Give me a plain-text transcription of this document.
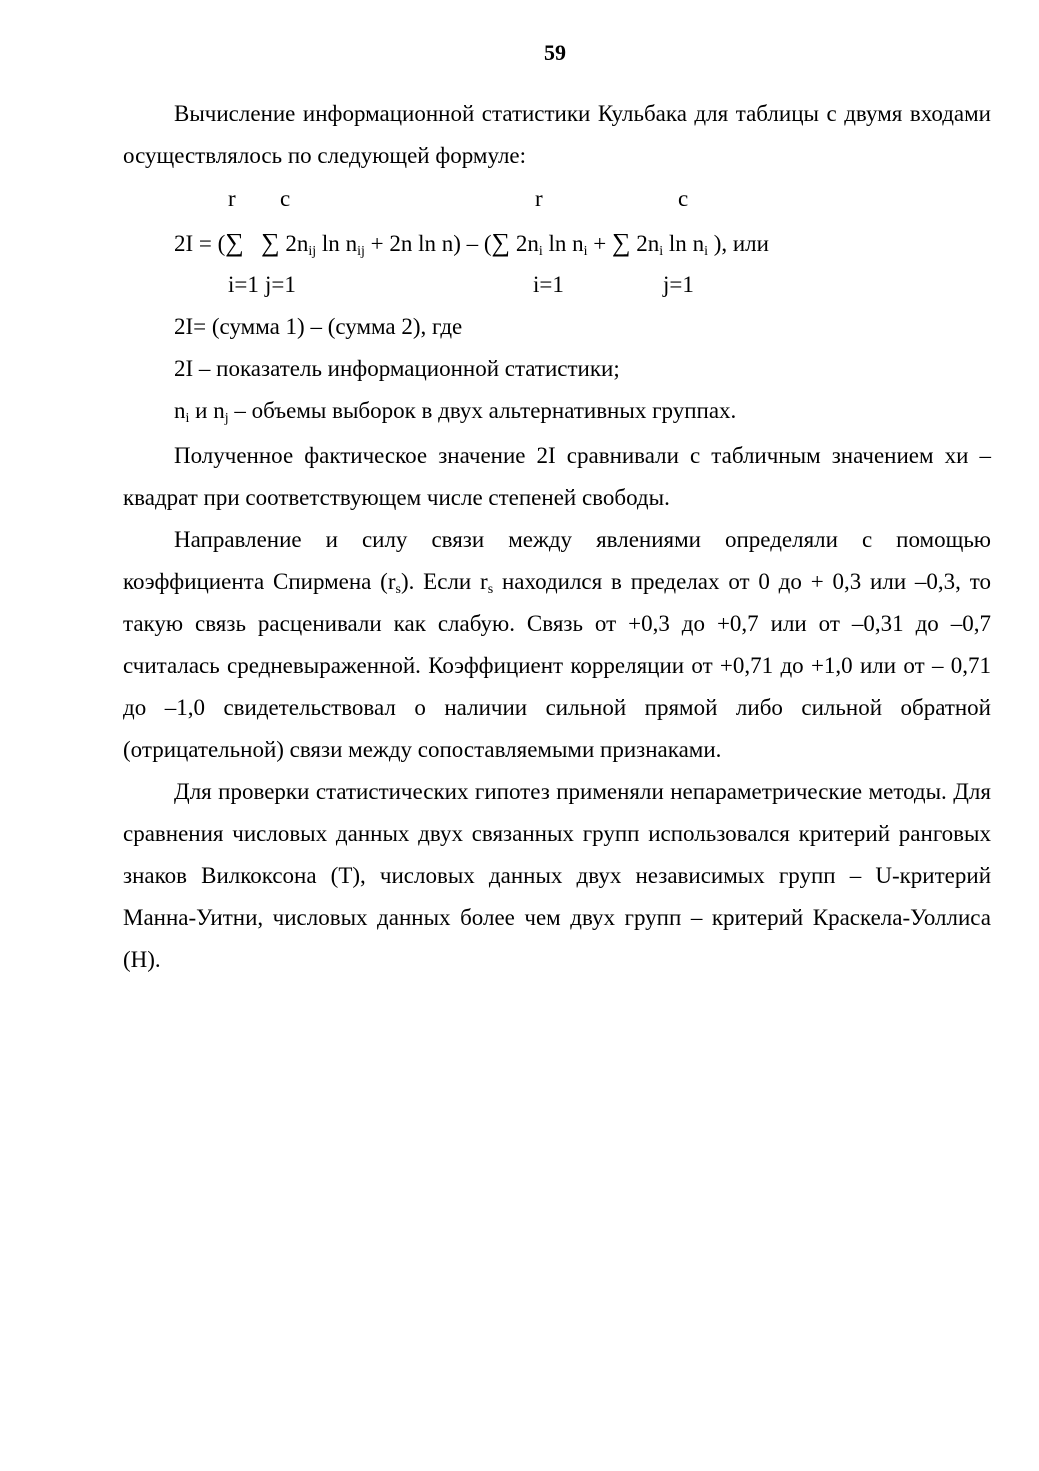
59

Вычисление информационной статистики Кульбака для таблицы с двумя входами осуществлялось по следующей формуле:

r c	r	c
2I = (∑ ∑ $2n_{ij}$ $\ln n_{ij} + 2n$ ln n) – (∑ $2n_i$ $\ln n_i$ + ∑ $2n_i$ $\ln n_i$ ), или
i=1 j=1	i=1	j=1
2I= (сумма 1) – (сумма 2), где
2I – показатель информационной статистики;
$n_i$ и $n_j$ – объемы выборок в двух альтернативных группах.

Полученное фактическое значение 2I сравнивали с табличным значением хи – квадрат при соответствующем числе степеней свободы.

Направление и силу связи между явлениями определяли с помощью коэффициента Спирмена $(r_s)$. Если $r_s$ находился в пределах от 0 до + 0,3 или –0,3, то такую связь расценивали как слабую. Связь от +0,3 до +0,7 или от –0,31 до –0,7 считалась средневыраженной. Коэффициент корреляции от +0,71 до +1,0 или от – 0,71 до –1,0 свидетельствовал о наличии сильной прямой либо сильной обратной (отрицательной) связи между сопоставляемыми признаками.

Для проверки статистических гипотез применяли непараметрические методы. Для сравнения числовых данных двух связанных групп использовался критерий ранговых знаков Вилкоксона (Т), числовых данных двух независимых групп – U-критерий Манна-Уитни, числовых данных более чем двух групп – критерий Краскела-Уоллиса (Н).
